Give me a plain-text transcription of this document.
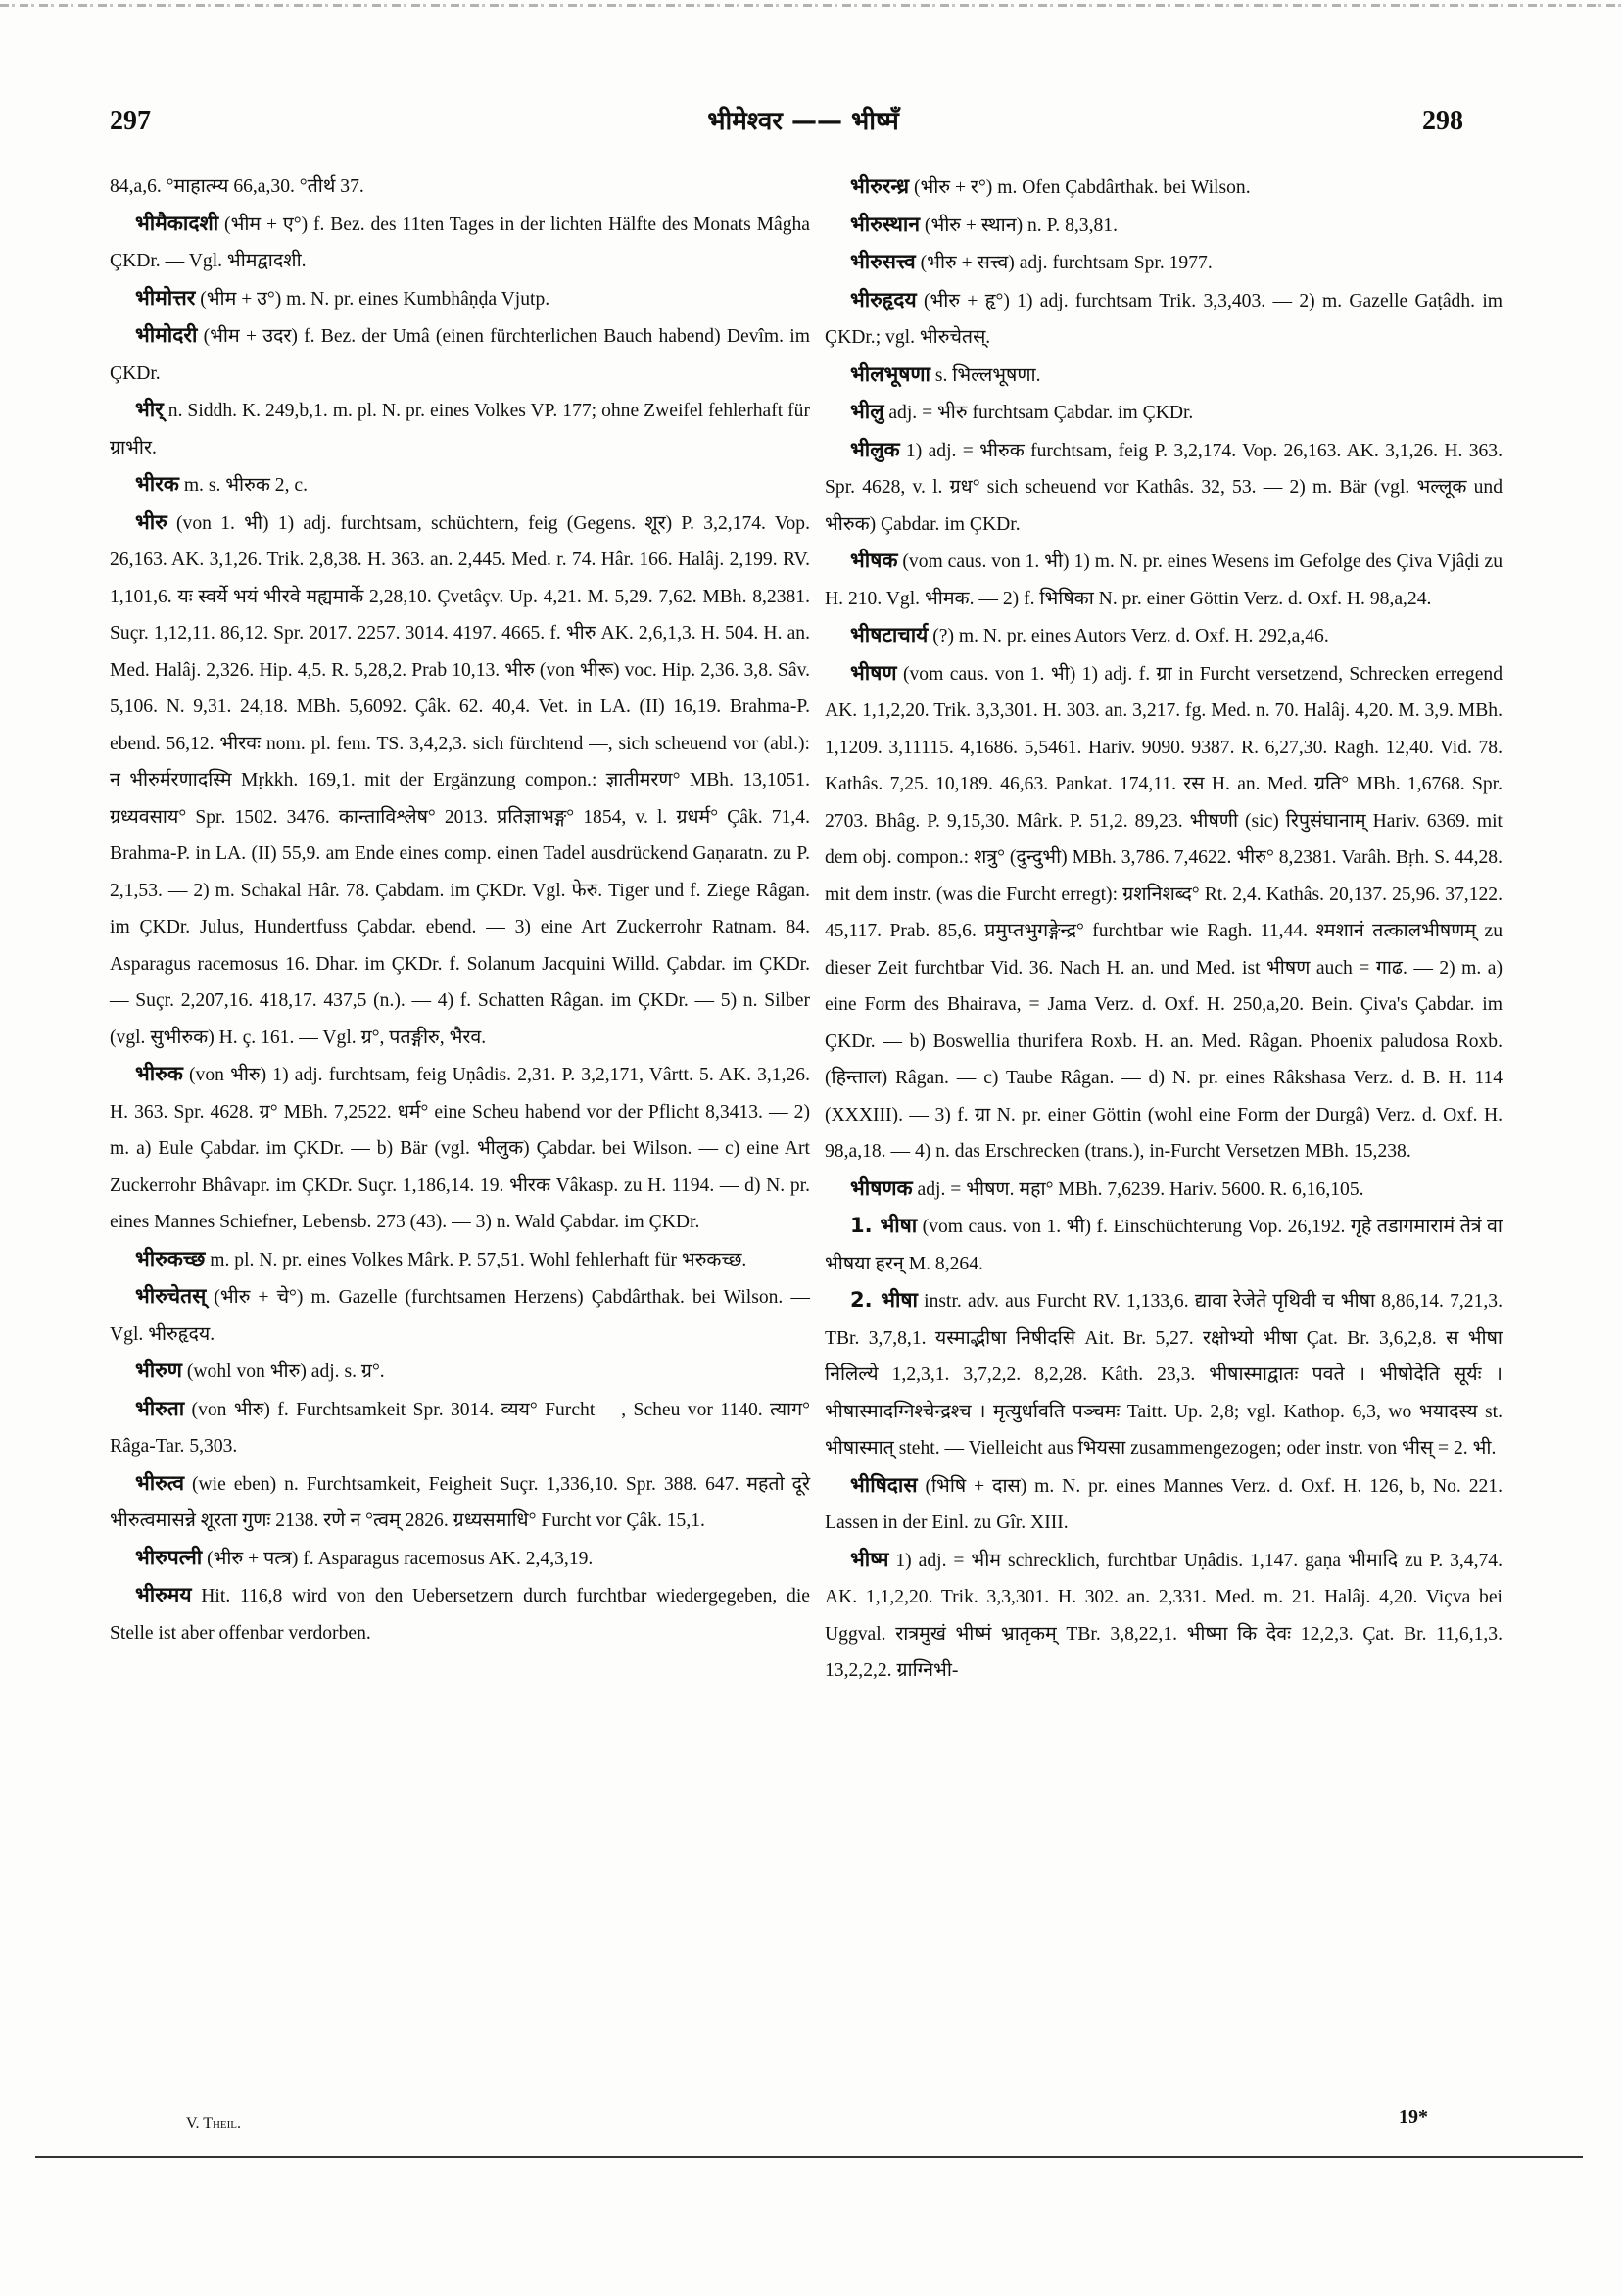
297	भीमेश्वर —— भीष्मँ	298

84,a,6. °माहात्म्य 66,a,30. °तीर्थ 37.

भीमैकादशी (भीम + ए°) f. Bez. des 11ten Tages in der lichten Hälfte des Monats Mâgha ÇKDr. — Vgl. भीमद्वादशी.

भीमोत्तर (भीम + उ°) m. N. pr. eines Kumbhâṇḍa Vjutp.

भीमोदरी (भीम + उदर) f. Bez. der Umâ (einen fürchterlichen Bauch habend) Devîm. im ÇKDr.

भीर् n. Siddh. K. 249,b,1. m. pl. N. pr. eines Volkes VP. 177; ohne Zweifel fehlerhaft für ग्राभीर.

भीरक m. s. भीरुक 2, c.

भीरु (von 1. भी) 1) adj. furchtsam, schüchtern, feig (Gegens. शूर) P. 3,2,174. Vop. 26,163. AK. 3,1,26. Trik. 2,8,38. H. 363. an. 2,445. Med. r. 74. Hâr. 166. Halâj. 2,199. RV. 1,101,6. यः स्वर्ये भयं भीरवे मह्यमार्के 2,28,10. Çvetâçv. Up. 4,21. M. 5,29. 7,62. MBh. 8,2381. Suçr. 1,12,11. 86,12. Spr. 2017. 2257. 3014. 4197. 4665. f. भीरु AK. 2,6,1,3. H. 504. H. an. Med. Halâj. 2,326. Hip. 4,5. R. 5,28,2. Prab 10,13. भीरु (von भीरू) voc. Hip. 2,36. 3,8. Sâv. 5,106. N. 9,31. 24,18. MBh. 5,6092. Çâk. 62. 40,4. Vet. in LA. (II) 16,19. Brahma-P. ebend. 56,12. भीरवः nom. pl. fem. TS. 3,4,2,3. sich fürchtend —, sich scheuend vor (abl.): न भीरुर्मरणादस्मि Mṛkkh. 169,1. mit der Ergänzung compon.: ज्ञातीमरण° MBh. 13,1051. ग्रध्यवसाय° Spr. 1502. 3476. कान्ताविश्लेष° 2013. प्रतिज्ञाभङ्ग° 1854, v. l. ग्रधर्म° Çâk. 71,4. Brahma-P. in LA. (II) 55,9. am Ende eines comp. einen Tadel ausdrückend Gaṇaratn. zu P. 2,1,53. — 2) m. Schakal Hâr. 78. Çabdam. im ÇKDr. Vgl. फेरु. Tiger und f. Ziege Râgan. im ÇKDr. Julus, Hundertfuss Çabdar. ebend. — 3) eine Art Zuckerrohr Ratnam. 84. Asparagus racemosus 16. Dhar. im ÇKDr. f. Solanum Jacquini Willd. Çabdar. im ÇKDr. — Suçr. 2,207,16. 418,17. 437,5 (n.). — 4) f. Schatten Râgan. im ÇKDr. — 5) n. Silber (vgl. सुभीरुक) H. ç. 161. — Vgl. ग्र°, पतङ्गीरु, भैरव.

भीरुक (von भीरु) 1) adj. furchtsam, feig Uṇâdis. 2,31. P. 3,2,171, Vârtt. 5. AK. 3,1,26. H. 363. Spr. 4628. ग्र° MBh. 7,2522. धर्म° eine Scheu habend vor der Pflicht 8,3413. — 2) m. a) Eule Çabdar. im ÇKDr. — b) Bär (vgl. भीलुक) Çabdar. bei Wilson. — c) eine Art Zuckerrohr Bhâvapr. im ÇKDr. Suçr. 1,186,14. 19. भीरक Vâkasp. zu H. 1194. — d) N. pr. eines Mannes Schiefner, Lebensb. 273 (43). — 3) n. Wald Çabdar. im ÇKDr.

भीरुकच्छ m. pl. N. pr. eines Volkes Mârk. P. 57,51. Wohl fehlerhaft für भरुकच्छ.

भीरुचेतस् (भीरु + चे°) m. Gazelle (furchtsamen Herzens) Çabdârthak. bei Wilson. — Vgl. भीरुहृदय.

भीरुण (wohl von भीरु) adj. s. ग्र°.

भीरुता (von भीरु) f. Furchtsamkeit Spr. 3014. व्यय° Furcht —, Scheu vor 1140. त्याग° Râga-Tar. 5,303.

भीरुत्व (wie eben) n. Furchtsamkeit, Feigheit Suçr. 1,336,10. Spr. 388. 647. महतो दूरे भीरुत्वमासन्ने शूरता गुणः 2138. रणे न °त्वम् 2826. ग्रध्यसमाधि° Furcht vor Çâk. 15,1.

भीरुपत्नी (भीरु + पत्त्र) f. Asparagus racemosus AK. 2,4,3,19.

भीरुमय Hit. 116,8 wird von den Uebersetzern durch furchtbar wiedergegeben, die Stelle ist aber offenbar verdorben.

भीरुरन्ध्र (भीरु + र°) m. Ofen Çabdârthak. bei Wilson.

भीरुस्थान (भीरु + स्थान) n. P. 8,3,81.

भीरुसत्त्व (भीरु + सत्त्व) adj. furchtsam Spr. 1977.

भीरुहृदय (भीरु + हृ°) 1) adj. furchtsam Trik. 3,3,403. — 2) m. Gazelle Gaṭâdh. im ÇKDr.; vgl. भीरुचेतस्.

भीलभूषणा s. भिल्लभूषणा.

भीलु adj. = भीरु furchtsam Çabdar. im ÇKDr.

भीलुक 1) adj. = भीरुक furchtsam, feig P. 3,2,174. Vop. 26,163. AK. 3,1,26. H. 363. Spr. 4628, v. l. ग्रध° sich scheuend vor Kathâs. 32, 53. — 2) m. Bär (vgl. भल्लूक und भीरुक) Çabdar. im ÇKDr.

भीषक (vom caus. von 1. भी) 1) m. N. pr. eines Wesens im Gefolge des Çiva Vjâḍi zu H. 210. Vgl. भीमक. — 2) f. भिषिका N. pr. einer Göttin Verz. d. Oxf. H. 98,a,24.

भीषटाचार्य (?) m. N. pr. eines Autors Verz. d. Oxf. H. 292,a,46.

भीषण (vom caus. von 1. भी) 1) adj. f. ग्रा in Furcht versetzend, Schrecken erregend AK. 1,1,2,20. Trik. 3,3,301. H. 303. an. 3,217. fg. Med. n. 70. Halâj. 4,20. M. 3,9. MBh. 1,1209. 3,11115. 4,1686. 5,5461. Hariv. 9090. 9387. R. 6,27,30. Ragh. 12,40. Vid. 78. Kathâs. 7,25. 10,189. 46,63. Pankat. 174,11. रस H. an. Med. ग्रति° MBh. 1,6768. Spr. 2703. Bhâg. P. 9,15,30. Mârk. P. 51,2. 89,23. भीषणी (sic) रिपुसंघानाम् Hariv. 6369. mit dem obj. compon.: शत्रु° (दुन्दुभी) MBh. 3,786. 7,4622. भीरु° 8,2381. Varâh. Bṛh. S. 44,28. mit dem instr. (was die Furcht erregt): ग्रशनिशब्द° Rt. 2,4. Kathâs. 20,137. 25,96. 37,122. 45,117. Prab. 85,6. प्रमुप्तभुगङ्गेन्द्र° furchtbar wie Ragh. 11,44. श्मशानं तत्कालभीषणम् zu dieser Zeit furchtbar Vid. 36. Nach H. an. und Med. ist भीषण auch = गाढ. — 2) m. a) eine Form des Bhairava, = Jama Verz. d. Oxf. H. 250,a,20. Bein. Çiva's Çabdar. im ÇKDr. — b) Boswellia thurifera Roxb. H. an. Med. Râgan. Phoenix paludosa Roxb. (हिन्ताल) Râgan. — c) Taube Râgan. — d) N. pr. eines Râkshasa Verz. d. B. H. 114 (XXXIII). — 3) f. ग्रा N. pr. einer Göttin (wohl eine Form der Durgâ) Verz. d. Oxf. H. 98,a,18. — 4) n. das Erschrecken (trans.), in-Furcht Versetzen MBh. 15,238.

भीषणक adj. = भीषण. महा° MBh. 7,6239. Hariv. 5600. R. 6,16,105.

1. भीषा (vom caus. von 1. भी) f. Einschüchterung Vop. 26,192. गृहे तडागमारामं तेत्रं वा भीषया हरन् M. 8,264.

2. भीषा instr. adv. aus Furcht RV. 1,133,6. द्यावा रेजेते पृथिवी च भीषा 8,86,14. 7,21,3. TBr. 3,7,8,1. यस्माद्भीषा निषीदसि Ait. Br. 5,27. रक्षोभ्यो भीषा Çat. Br. 3,6,2,8. स भीषा निलिल्ये 1,2,3,1. 3,7,2,2. 8,2,28. Kâth. 23,3. भीषास्माद्वातः पवते । भीषोदेति सूर्यः । भीषास्मादग्निश्चेन्द्रश्च । मृत्युर्धावति पञ्चमः Taitt. Up. 2,8; vgl. Kathop. 6,3, wo भयादस्य st. भीषास्मात् steht. — Vielleicht aus भियसा zusammengezogen; oder instr. von भीस् = 2. भी.

भीषिदास (भिषि + दास) m. N. pr. eines Mannes Verz. d. Oxf. H. 126, b, No. 221. Lassen in der Einl. zu Gîr. XIII.

भीष्म 1) adj. = भीम schrecklich, furchtbar Uṇâdis. 1,147. gaṇa भीमादि zu P. 3,4,74. AK. 1,1,2,20. Trik. 3,3,301. H. 302. an. 2,331. Med. m. 21. Halâj. 4,20. Viçva bei Uggval. रात्रमुखं भीष्मं भ्रातृकम् TBr. 3,8,22,1. भीष्मा कि देवः 12,2,3. Çat. Br. 11,6,1,3. 13,2,2,2. ग्राग्निभी-

V. Theil.	19*
